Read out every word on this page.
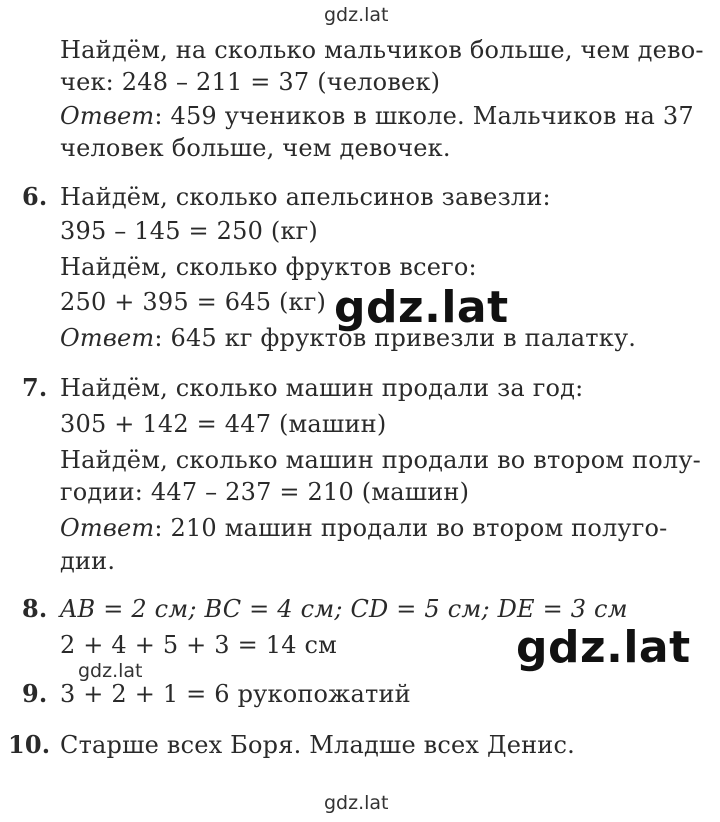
gdz.lat
gdz.lat
gdz.lat
gdz.lat
gdz.lat
Найдём, на сколько мальчиков больше, чем дево-
чек: 248 – 211 = 37 (человек)
Ответ: 459 учеников в школе. Мальчиков на 37
человек больше, чем девочек.
6. Найдём, сколько апельсинов завезли:
395 – 145 = 250 (кг)
Найдём, сколько фруктов всего:
250 + 395 = 645 (кг)
Ответ: 645 кг фруктов привезли в палатку.
7. Найдём, сколько машин продали за год:
305 + 142 = 447 (машин)
Найдём, сколько машин продали во втором полу-
годии: 447 – 237 = 210 (машин)
Ответ: 210 машин продали во втором полуго-
дии.
8. AB = 2 см; BC = 4 см; CD = 5 см; DE = 3 см
2 + 4 + 5 + 3 = 14 см
9. 3 + 2 + 1 = 6 рукопожатий
10. Старше всех Боря. Младше всех Денис.
